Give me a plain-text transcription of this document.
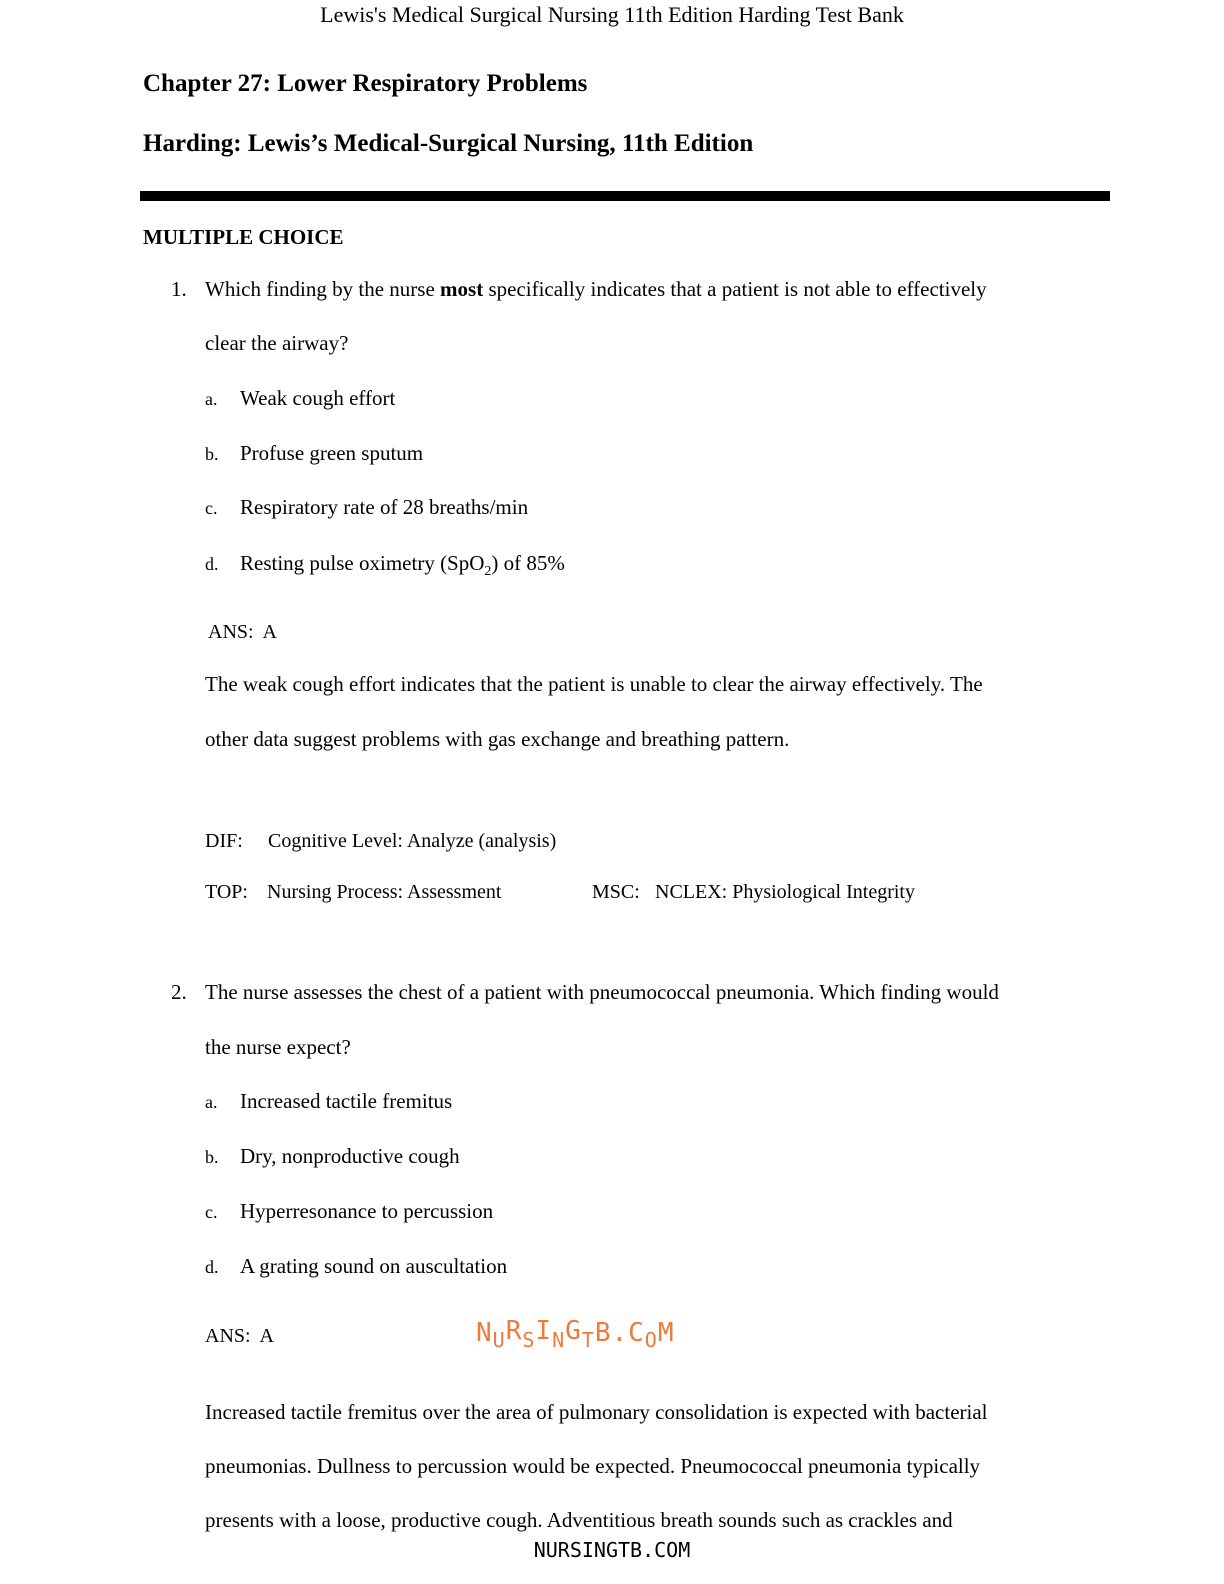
Lewis's Medical Surgical Nursing 11th Edition Harding Test Bank
Chapter 27: Lower Respiratory Problems
Harding: Lewis’s Medical-Surgical Nursing, 11th Edition
MULTIPLE CHOICE
1. Which finding by the nurse most specifically indicates that a patient is not able to effectively
clear the airway?
a. Weak cough effort
b. Profuse green sputum
c. Respiratory rate of 28 breaths/min
d. Resting pulse oximetry (SpO$_2$) of 85%
ANS: A
The weak cough effort indicates that the patient is unable to clear the airway effectively. The
other data suggest problems with gas exchange and breathing pattern.
DIF: Cognitive Level: Analyze (analysis)
TOP: Nursing Process: Assessment	MSC: NCLEX: Physiological Integrity
2. The nurse assesses the chest of a patient with pneumococcal pneumonia. Which finding would
the nurse expect?
a. Increased tactile fremitus
b. Dry, nonproductive cough
c. Hyperresonance to percussion
d. A grating sound on auscultation
ANS: A
Increased tactile fremitus over the area of pulmonary consolidation is expected with bacterial
pneumonias. Dullness to percussion would be expected. Pneumococcal pneumonia typically
presents with a loose, productive cough. Adventitious breath sounds such as crackles and
NURSINGTB.COM
NURSINGTB.COM
